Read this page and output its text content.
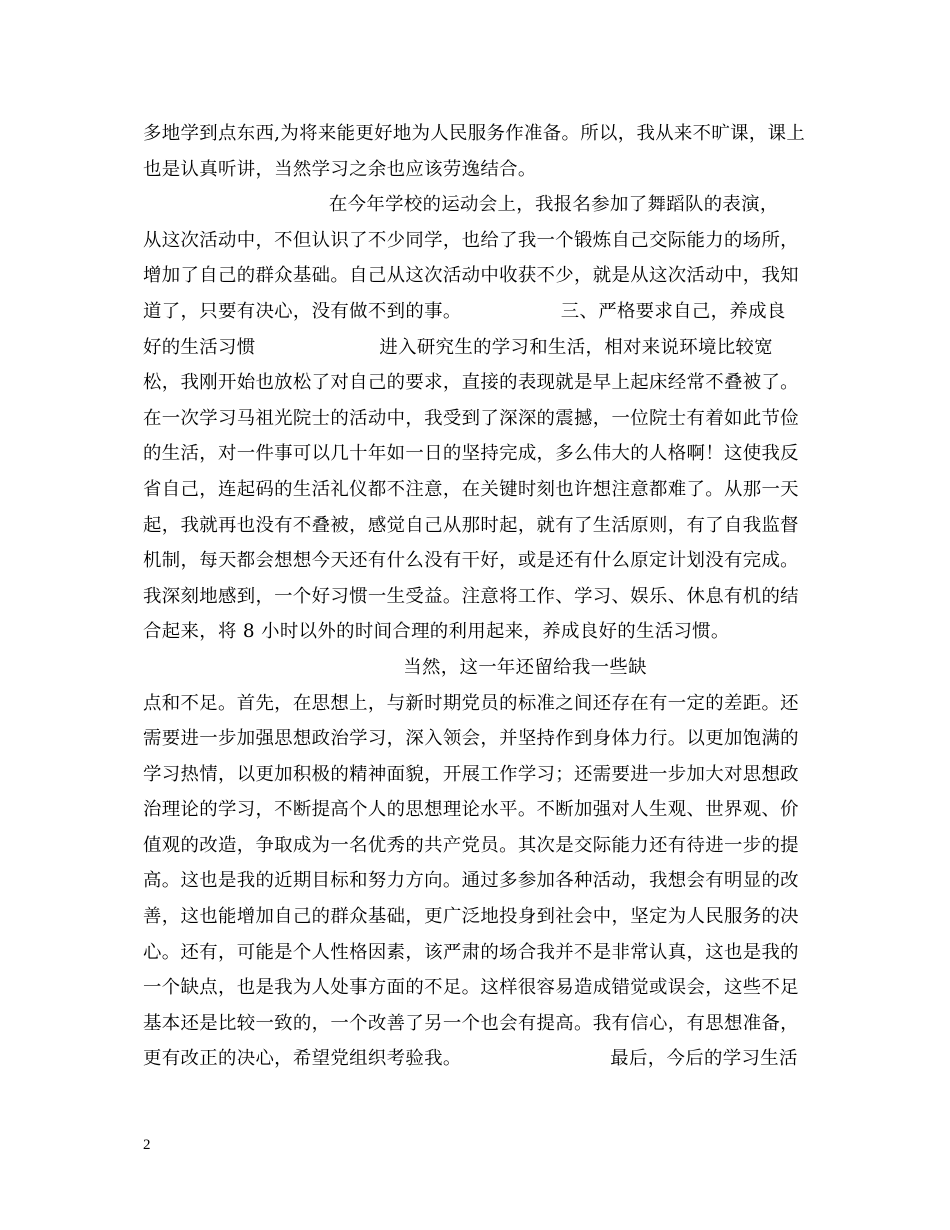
多地学到点东西,为将来能更好地为人民服务作准备。所以，我从来不旷课，课上
也是认真听讲，当然学习之余也应该劳逸结合。
在今年学校的运动会上，我报名参加了舞蹈队的表演，
从这次活动中，不但认识了不少同学，也给了我一个锻炼自己交际能力的场所，
增加了自己的群众基础。自己从这次活动中收获不少，就是从这次活动中，我知
道了，只要有决心，没有做不到的事。                三、严格要求自己，养成良
好的生活习惯                    进入研究生的学习和生活，相对来说环境比较宽
松，我刚开始也放松了对自己的要求，直接的表现就是早上起床经常不叠被了。
在一次学习马祖光院士的活动中，我受到了深深的震撼，一位院士有着如此节俭
的生活，对一件事可以几十年如一日的坚持完成，多么伟大的人格啊！这使我反
省自己，连起码的生活礼仪都不注意，在关键时刻也许想注意都难了。从那一天
起，我就再也没有不叠被，感觉自己从那时起，就有了生活原则，有了自我监督
机制，每天都会想想今天还有什么没有干好，或是还有什么原定计划没有完成。
我深刻地感到，一个好习惯一生受益。注意将工作、学习、娱乐、休息有机的结
合起来，将 8 小时以外的时间合理的利用起来，养成良好的生活习惯。
当然，这一年还留给我一些缺
点和不足。首先，在思想上，与新时期党员的标准之间还存在有一定的差距。还
需要进一步加强思想政治学习，深入领会，并坚持作到身体力行。以更加饱满的
学习热情，以更加积极的精神面貌，开展工作学习；还需要进一步加大对思想政
治理论的学习，不断提高个人的思想理论水平。不断加强对人生观、世界观、价
值观的改造，争取成为一名优秀的共产党员。其次是交际能力还有待进一步的提
高。这也是我的近期目标和努力方向。通过多参加各种活动，我想会有明显的改
善，这也能增加自己的群众基础，更广泛地投身到社会中，坚定为人民服务的决
心。还有，可能是个人性格因素，该严肃的场合我并不是非常认真，这也是我的
一个缺点，也是我为人处事方面的不足。这样很容易造成错觉或误会，这些不足
基本还是比较一致的，一个改善了另一个也会有提高。我有信心，有思想准备，
更有改正的决心，希望党组织考验我。                        最后，今后的学习生活
2
